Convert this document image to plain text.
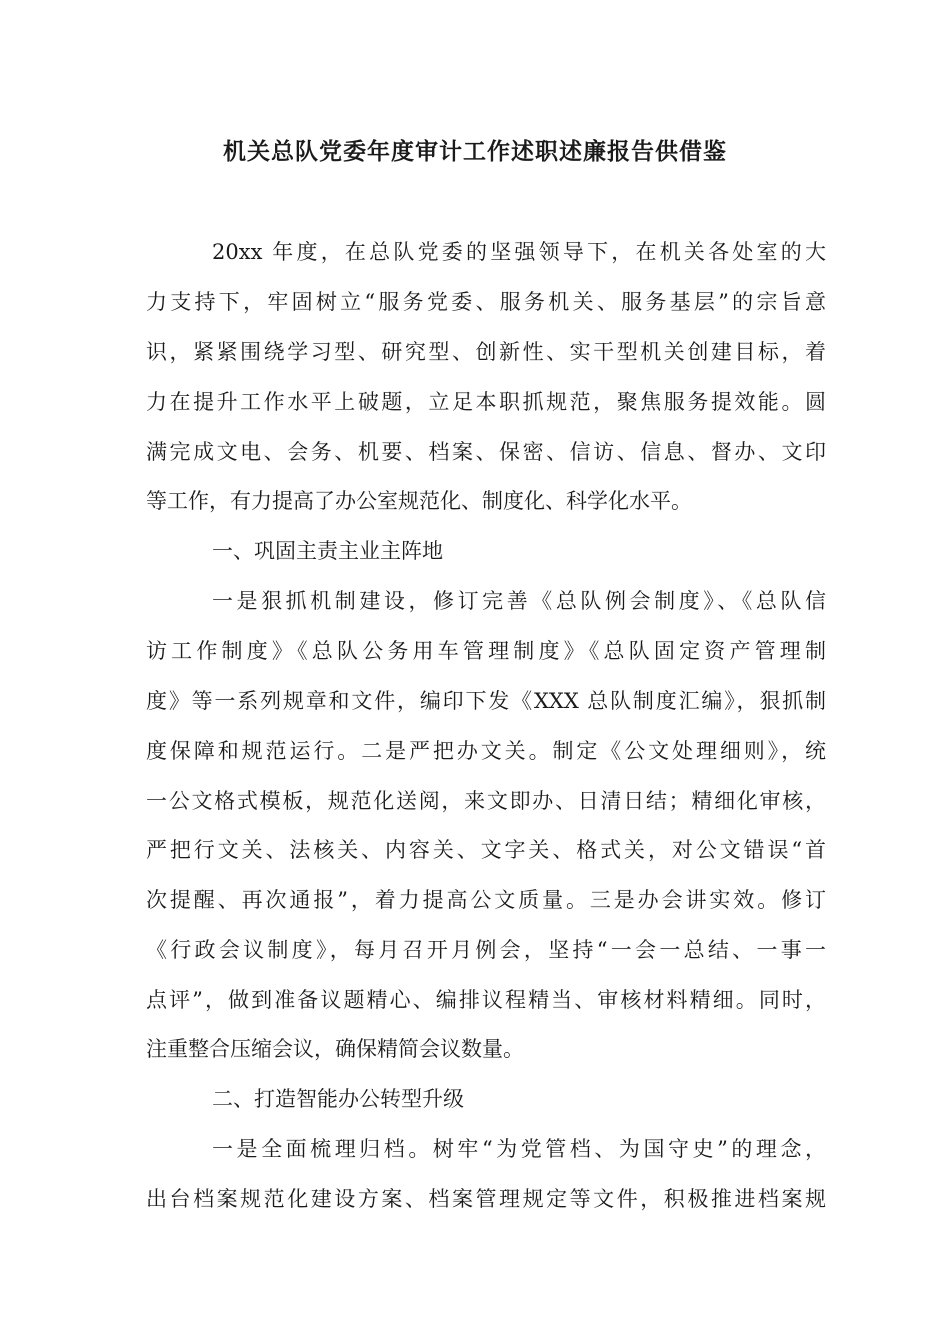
机关总队党委年度审计工作述职述廉报告供借鉴
20xx 年度，在总队党委的坚强领导下，在机关各处室的大
力支持下，牢固树立“服务党委、服务机关、服务基层”的宗旨意
识，紧紧围绕学习型、研究型、创新性、实干型机关创建目标，着
力在提升工作水平上破题，立足本职抓规范，聚焦服务提效能。圆
满完成文电、会务、机要、档案、保密、信访、信息、督办、文印
等工作，有力提高了办公室规范化、制度化、科学化水平。
一、巩固主责主业主阵地
一是狠抓机制建设，修订完善《总队例会制度》、《总队信
访工作制度》《总队公务用车管理制度》《总队固定资产管理制
度》等一系列规章和文件，编印下发《XXX 总队制度汇编》，狠抓制
度保障和规范运行。二是严把办文关。制定《公文处理细则》，统
一公文格式模板，规范化送阅，来文即办、日清日结；精细化审核，
严把行文关、法核关、内容关、文字关、格式关，对公文错误“首
次提醒、再次通报”，着力提高公文质量。三是办会讲实效。修订
《行政会议制度》，每月召开月例会，坚持“一会一总结、一事一
点评”，做到准备议题精心、编排议程精当、审核材料精细。同时，
注重整合压缩会议，确保精简会议数量。
二、打造智能办公转型升级
一是全面梳理归档。树牢“为党管档、为国守史”的理念，
出台档案规范化建设方案、档案管理规定等文件，积极推进档案规
